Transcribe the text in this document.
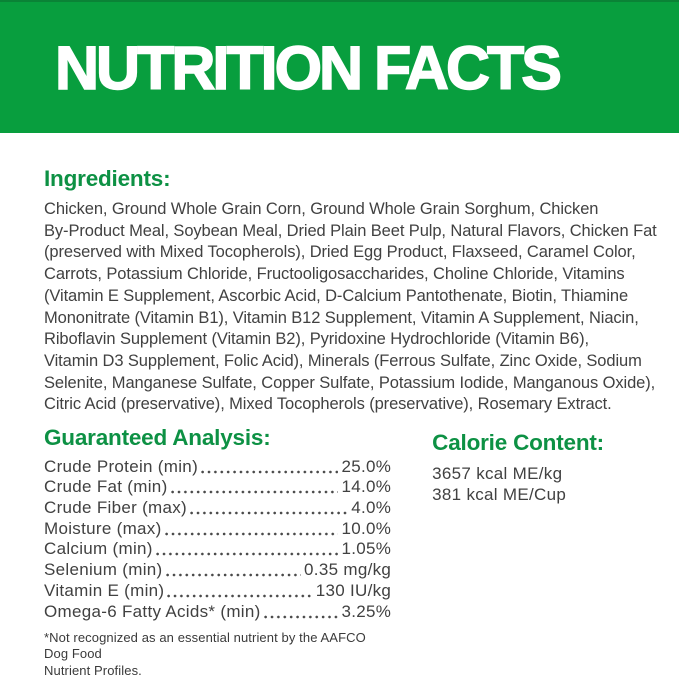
NUTRITION FACTS
Ingredients:
Chicken, Ground Whole Grain Corn, Ground Whole Grain Sorghum, Chicken
By-Product Meal, Soybean Meal, Dried Plain Beet Pulp, Natural Flavors, Chicken Fat
(preserved with Mixed Tocopherols), Dried Egg Product, Flaxseed, Caramel Color,
Carrots, Potassium Chloride, Fructooligosaccharides, Choline Chloride, Vitamins
(Vitamin E Supplement, Ascorbic Acid, D-Calcium Pantothenate, Biotin, Thiamine
Mononitrate (Vitamin B1), Vitamin B12 Supplement, Vitamin A Supplement, Niacin,
Riboflavin Supplement (Vitamin B2), Pyridoxine Hydrochloride (Vitamin B6),
Vitamin D3 Supplement, Folic Acid), Minerals (Ferrous Sulfate, Zinc Oxide, Sodium
Selenite, Manganese Sulfate, Copper Sulfate, Potassium Iodide, Manganous Oxide),
Citric Acid (preservative), Mixed Tocopherols (preservative), Rosemary Extract.
Guaranteed Analysis:
Crude Protein (min)	25.0%
Crude Fat (min)	14.0%
Crude Fiber (max)	4.0%
Moisture (max)	10.0%
Calcium (min)	1.05%
Selenium (min)	0.35 mg/kg
Vitamin E (min)	130 IU/kg
Omega-6 Fatty Acids* (min)	3.25%
*Not recognized as an essential nutrient by the AAFCO Dog Food
Nutrient Profiles.
Calorie Content:
3657 kcal ME/kg
381 kcal ME/Cup
